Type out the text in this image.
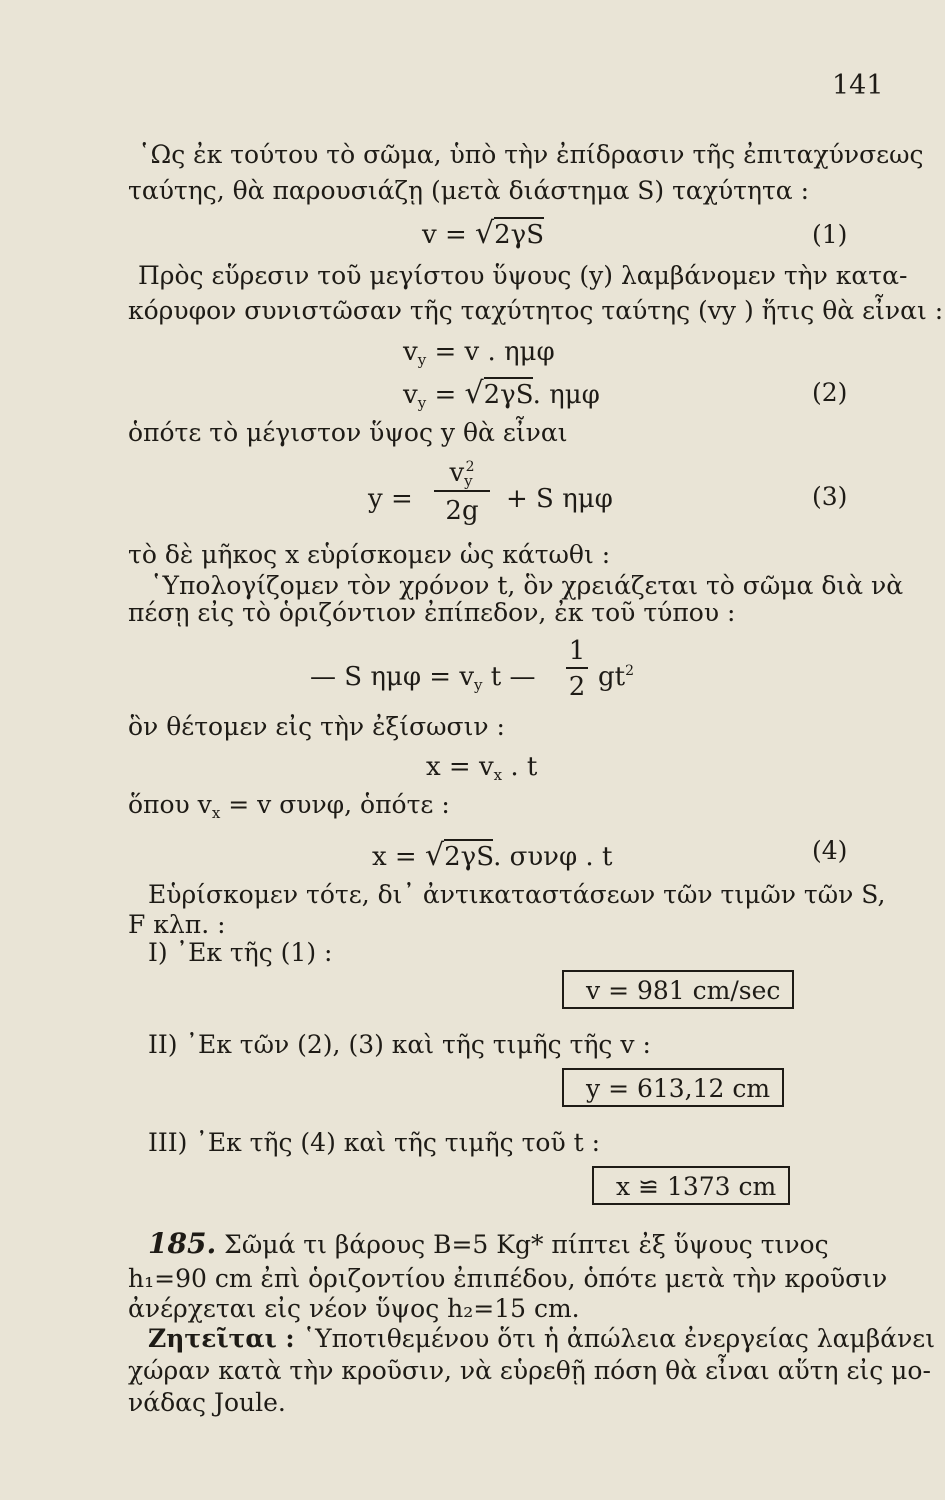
141
῾Ως ἐκ τούτου τὸ σῶμα, ὑπὸ τὴν ἐπίδρασιν τῆς ἐπιταχύνσεως
ταύτης, θὰ παρουσιάζῃ (μετὰ διάστημα S) ταχύτητα :
v = √2γS	(1)
Πρὸς εὕρεσιν τοῦ μεγίστου ὕψους (y) λαμβάνομεν τὴν κατα-
κόρυφον συνιστῶσαν τῆς ταχύτητος ταύτης (vy ) ἥτις θὰ εἶναι :
$v_y = v$ . ημφ
$v_y = √2\gamma S$. ημφ	(2)
ὁπότε τὸ μέγιστον ὕψος y θὰ εἶναι
y =
$v_y^2$
2g	+ S ημφ	(3)
τὸ δὲ μῆκος x εὑρίσκομεν ὡς κάτωθι :
῾Υπολογίζομεν τὸν χρόνον t, ὃν χρειάζεται τὸ σῶμα διὰ νὰ
πέσῃ εἰς τὸ ὁριζόντιον ἐπίπεδον, ἐκ τοῦ τύπου :
— S $\eta\mu\varphi = v_y$ t —
1
2 $gt^2$
ὃν θέτομεν εἰς τὴν ἐξίσωσιν :
$x = v_x$ . t
ὅπου $v_x = v$ συνφ, ὁπότε :
x = √2γS. συνφ . t	(4)
Εὑρίσκομεν τότε, δι᾽ ἀντικαταστάσεων τῶν τιμῶν τῶν S,
F κλπ. :
I) ᾽Εκ τῆς (1) :
v = 981 cm/sec
II) ᾽Εκ τῶν (2), (3) καὶ τῆς τιμῆς τῆς v :
y = 613,12 cm
III) ᾽Εκ τῆς (4) καὶ τῆς τιμῆς τοῦ t :
x ≌ 1373 cm
185. Σῶμά τι βάρους B=5 Kg* πίπτει ἐξ ὕψους τινος
h₁=90 cm ἐπὶ ὁριζοντίου ἐπιπέδου, ὁπότε μετὰ τὴν κροῦσιν
ἀνέρχεται εἰς νέον ὕψος h₂=15 cm.
Ζητεῖται : ῾Υποτιθεμένου ὅτι ἡ ἀπώλεια ἐνεργείας λαμβάνει
χώραν κατὰ τὴν κροῦσιν, νὰ εὑρεθῇ πόση θὰ εἶναι αὕτη εἰς μο-
νάδας Joule.
